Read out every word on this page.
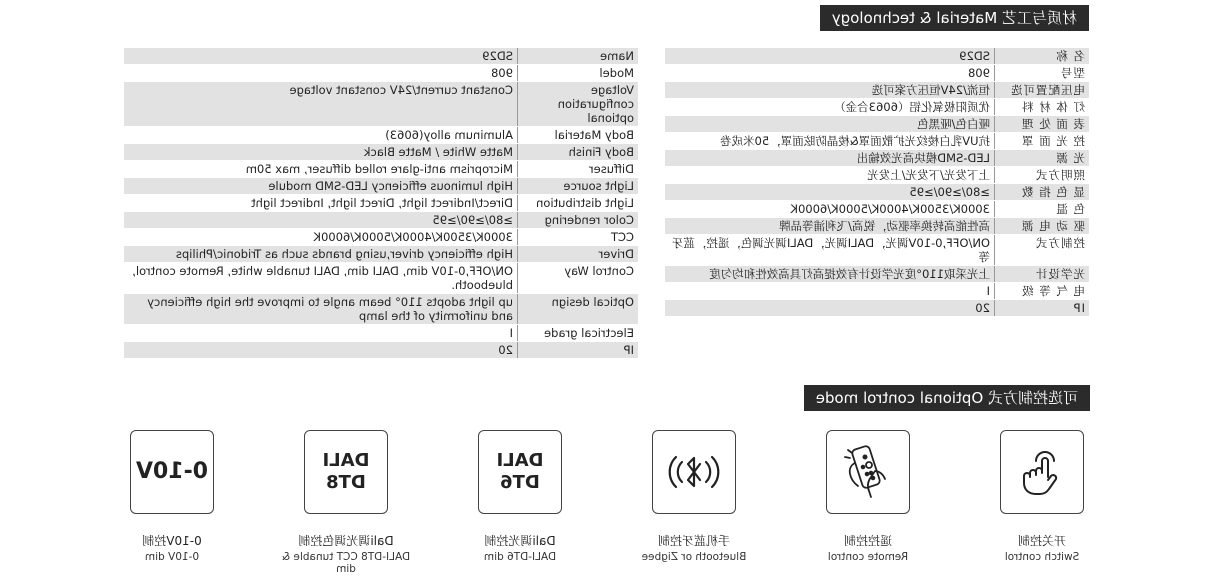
材质与工艺 Material & technology
名 称	SD29
型号	908
电压配置可选	恒流/24V恒压方案可选
灯 体 材 料	优质阳极氧化铝（6063合金）
表 面 处 理	哑白色/哑黑色
控 光 面 罩	抗UV乳白棱纹光扩散面罩&棱晶防眩面罩，50米成卷
光 源	LED-SMD模块高光效输出
照明方式	上下发光/下发光/上发光
显 色 指 数	≥80/≥90/≥95
色 温	3000K/3500K/4000K/5000K/6000K
驱 动 电 源	高性能高转换率驱动，锐高/飞利浦等品牌
控制方式	ON/OFF,0-10V调光，DALI调光，DALI调光调色，遥控，蓝牙等
光学设计	上光采取110°度光学设计有效提高灯具高效性和均匀度
电 气 等 级	I
IP	20
Name	SD29
Model	908
Voltage configuration optional	Constant current/24V constant voltage
Body Material	Aluminum alloy(6063)
Body Finish	Matte White / Matte Black
Diffuser	Microprism anti-glare rolled diffuser, max 50m
Light source	High luminous efficiency LED-SMD module
Light distribution	Direct/Indirect light, Direct light, Indirect light
Color rendering	≥80/≥90/≥95
CCT	3000K/3500K/4000K/5000K/6000K
Driver	High efficiency driver,using brands such as Tridonic/Philips
Control Way	ON/OFF,0-10V dim, DALI dim, DALI tunable white, Remote control, bluebooth.
Optical design	up light adopts 110° beam angle to improve the high efficiency and uniformity of the lamp
Electrical grade	I
IP	20
可选控制方式 Optional control mode
DALI DT6
DALI DT8
0-10V
开关控制
Switch control
遥控控制
Remote control
手机蓝牙控制
Bluetooth or Zigbee
Dali调光控制
DALI-DT6 dim
Dali调光调色控制
DALI-DT8 CCT tunable & dim
0-10V控制
0-10V dim
